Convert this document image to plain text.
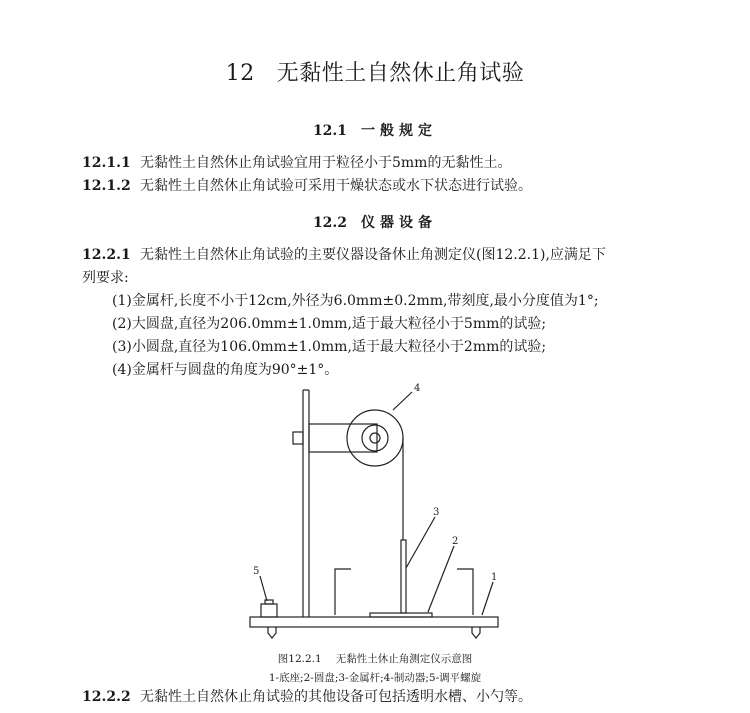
12 无黏性土自然休止角试验
12.1 一般规定
12.1.1 无黏性土自然休止角试验宜用于粒径小于5mm的无黏性土。
12.1.2 无黏性土自然休止角试验可采用干燥状态或水下状态进行试验。
12.2 仪器设备
12.2.1 无黏性土自然休止角试验的主要仪器设备休止角测定仪(图12.2.1),应满足下
列要求:
(1)金属杆,长度不小于12cm,外径为6.0mm±0.2mm,带刻度,最小分度值为1°;
(2)大圆盘,直径为206.0mm±1.0mm,适于最大粒径小于5mm的试验;
(3)小圆盘,直径为106.0mm±1.0mm,适于最大粒径小于2mm的试验;
(4)金属杆与圆盘的角度为90°±1°。
4
3
2
1
5
图12.2.1 无黏性土休止角测定仪示意图
1-底座;2-圆盘;3-金属杆;4-制动器;5-调平螺旋
12.2.2 无黏性土自然休止角试验的其他设备可包括透明水槽、小勺等。
